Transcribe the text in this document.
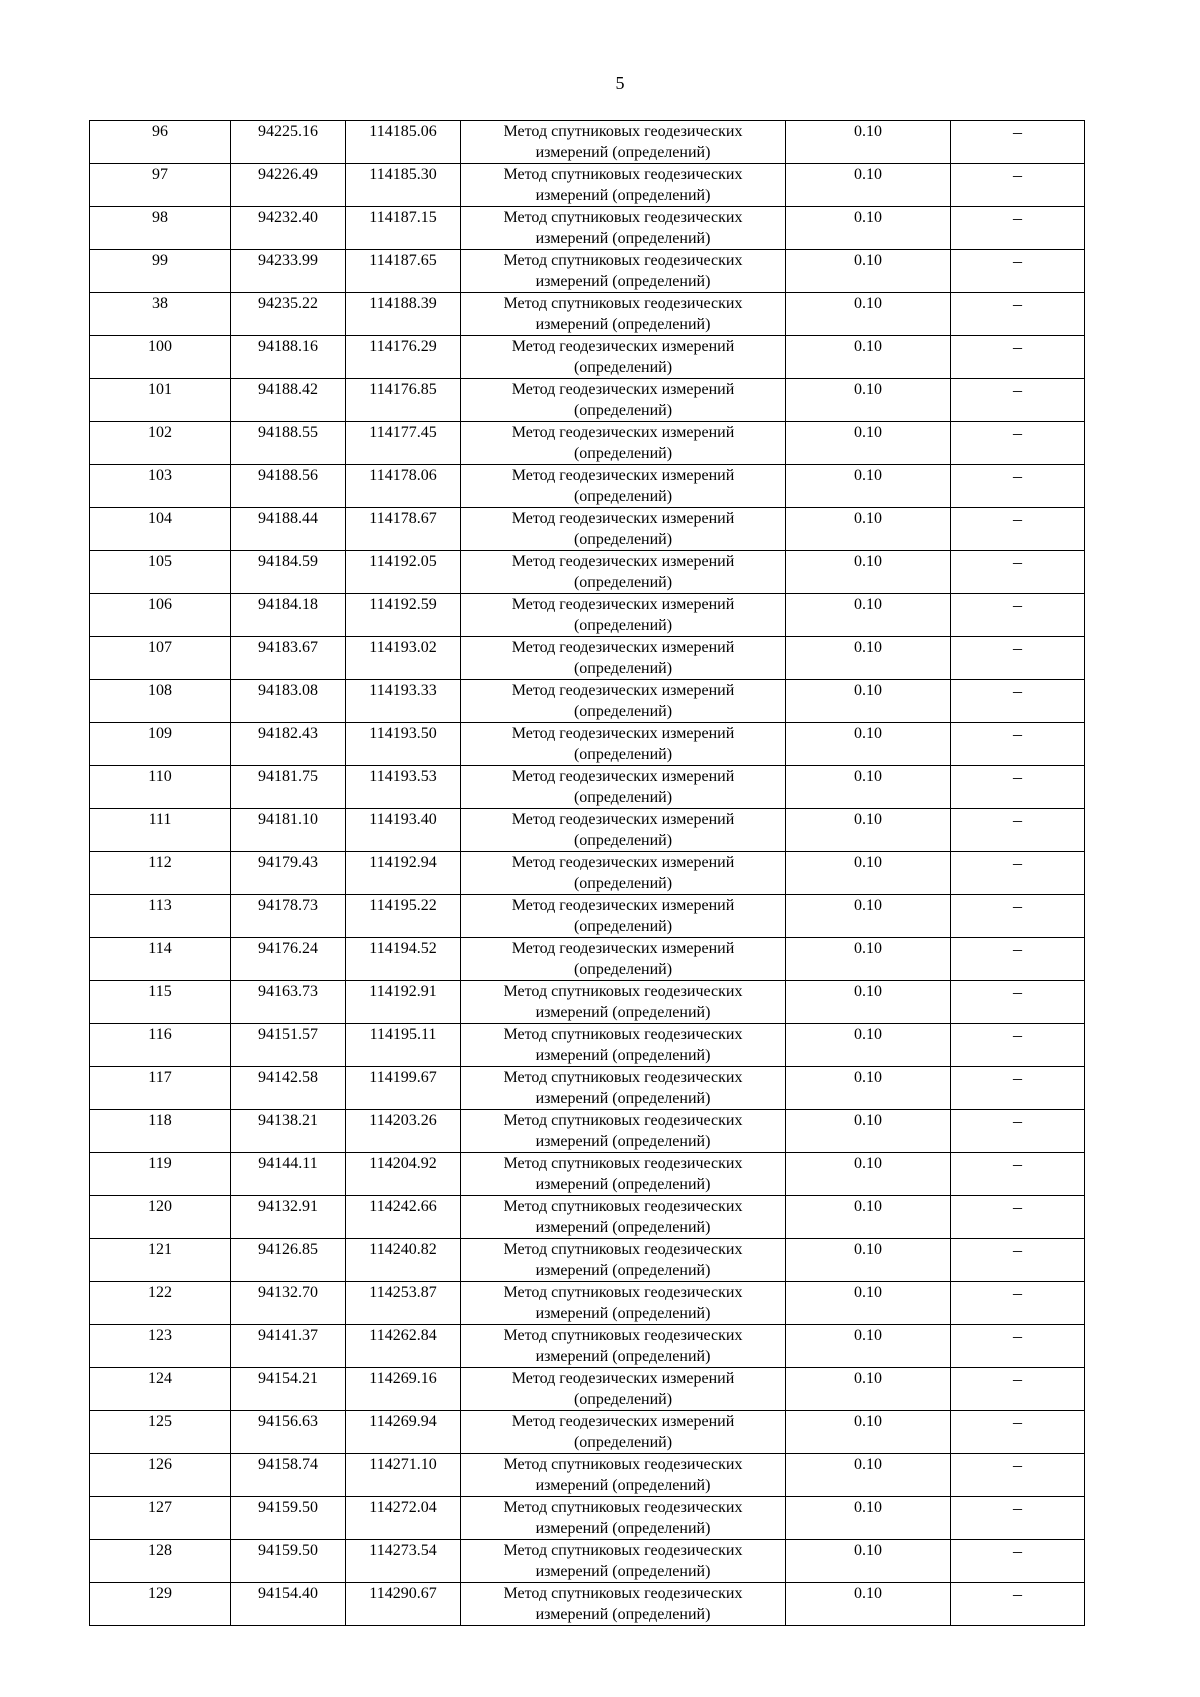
5
96	94225.16	114185.06	Метод спутниковых геодезических измерений (определений)	0.10	–
97	94226.49	114185.30	Метод спутниковых геодезических измерений (определений)	0.10	–
98	94232.40	114187.15	Метод спутниковых геодезических измерений (определений)	0.10	–
99	94233.99	114187.65	Метод спутниковых геодезических измерений (определений)	0.10	–
38	94235.22	114188.39	Метод спутниковых геодезических измерений (определений)	0.10	–
100	94188.16	114176.29	Метод геодезических измерений (определений)	0.10	–
101	94188.42	114176.85	Метод геодезических измерений (определений)	0.10	–
102	94188.55	114177.45	Метод геодезических измерений (определений)	0.10	–
103	94188.56	114178.06	Метод геодезических измерений (определений)	0.10	–
104	94188.44	114178.67	Метод геодезических измерений (определений)	0.10	–
105	94184.59	114192.05	Метод геодезических измерений (определений)	0.10	–
106	94184.18	114192.59	Метод геодезических измерений (определений)	0.10	–
107	94183.67	114193.02	Метод геодезических измерений (определений)	0.10	–
108	94183.08	114193.33	Метод геодезических измерений (определений)	0.10	–
109	94182.43	114193.50	Метод геодезических измерений (определений)	0.10	–
110	94181.75	114193.53	Метод геодезических измерений (определений)	0.10	–
111	94181.10	114193.40	Метод геодезических измерений (определений)	0.10	–
112	94179.43	114192.94	Метод геодезических измерений (определений)	0.10	–
113	94178.73	114195.22	Метод геодезических измерений (определений)	0.10	–
114	94176.24	114194.52	Метод геодезических измерений (определений)	0.10	–
115	94163.73	114192.91	Метод спутниковых геодезических измерений (определений)	0.10	–
116	94151.57	114195.11	Метод спутниковых геодезических измерений (определений)	0.10	–
117	94142.58	114199.67	Метод спутниковых геодезических измерений (определений)	0.10	–
118	94138.21	114203.26	Метод спутниковых геодезических измерений (определений)	0.10	–
119	94144.11	114204.92	Метод спутниковых геодезических измерений (определений)	0.10	–
120	94132.91	114242.66	Метод спутниковых геодезических измерений (определений)	0.10	–
121	94126.85	114240.82	Метод спутниковых геодезических измерений (определений)	0.10	–
122	94132.70	114253.87	Метод спутниковых геодезических измерений (определений)	0.10	–
123	94141.37	114262.84	Метод спутниковых геодезических измерений (определений)	0.10	–
124	94154.21	114269.16	Метод геодезических измерений (определений)	0.10	–
125	94156.63	114269.94	Метод геодезических измерений (определений)	0.10	–
126	94158.74	114271.10	Метод спутниковых геодезических измерений (определений)	0.10	–
127	94159.50	114272.04	Метод спутниковых геодезических измерений (определений)	0.10	–
128	94159.50	114273.54	Метод спутниковых геодезических измерений (определений)	0.10	–
129	94154.40	114290.67	Метод спутниковых геодезических измерений (определений)	0.10	–
